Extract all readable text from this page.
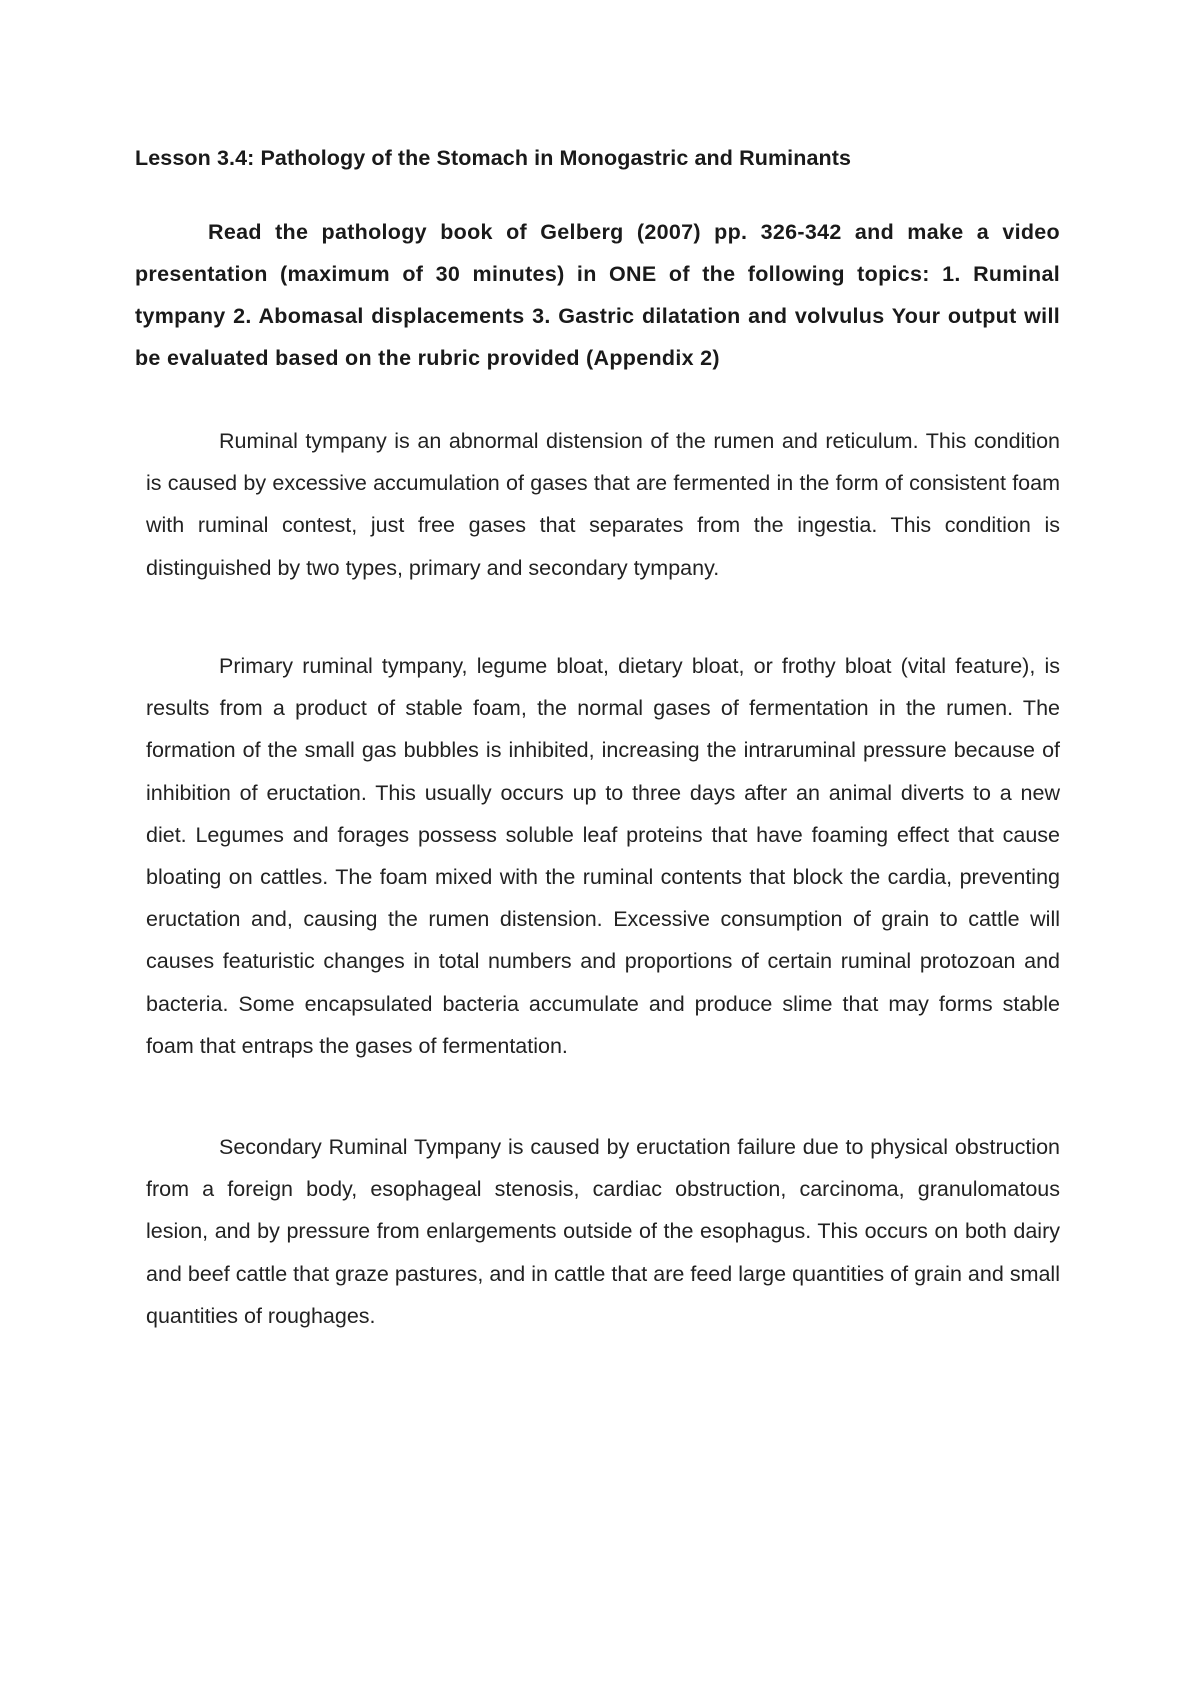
Lesson 3.4: Pathology of the Stomach in Monogastric and Ruminants
Read the pathology book of Gelberg (2007) pp. 326-342 and make a video presentation (maximum of 30 minutes) in ONE of the following topics: 1. Ruminal tympany 2. Abomasal displacements 3. Gastric dilatation and volvulus Your output will be evaluated based on the rubric provided (Appendix 2)

Ruminal tympany is an abnormal distension of the rumen and reticulum. This condition is caused by excessive accumulation of gases that are fermented in the form of consistent foam with ruminal contest, just free gases that separates from the ingestia. This condition is distinguished by two types, primary and secondary tympany.

Primary ruminal tympany, legume bloat, dietary bloat, or frothy bloat (vital feature), is results from a product of stable foam, the normal gases of fermentation in the rumen. The formation of the small gas bubbles is inhibited, increasing the intraruminal pressure because of inhibition of eructation. This usually occurs up to three days after an animal diverts to a new diet. Legumes and forages possess soluble leaf proteins that have foaming effect that cause bloating on cattles. The foam mixed with the ruminal contents that block the cardia, preventing eructation and, causing the rumen distension. Excessive consumption of grain to cattle will causes featuristic changes in total numbers and proportions of certain ruminal protozoan and bacteria. Some encapsulated bacteria accumulate and produce slime that may forms stable foam that entraps the gases of fermentation.

Secondary Ruminal Tympany is caused by eructation failure due to physical obstruction from a foreign body, esophageal stenosis, cardiac obstruction, carcinoma, granulomatous lesion, and by pressure from enlargements outside of the esophagus. This occurs on both dairy and beef cattle that graze pastures, and in cattle that are feed large quantities of grain and small quantities of roughages.
